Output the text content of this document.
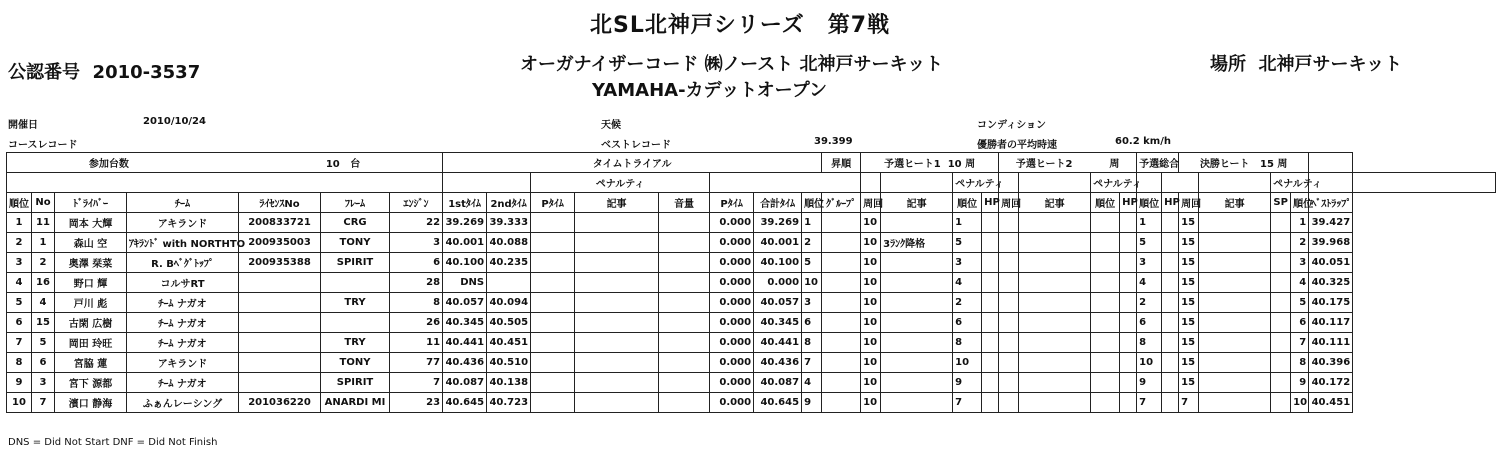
北SL北神戸シリーズ　第7戦
公認番号 2010-3537	オーガナイザーコード ㈱ノースト 北神戸サーキット
YAMAHA-カデットオープン
場所 北神戸サーキット
開催日	2010/10/24
コースレコード
天候
ベストレコード	39.399
コンディション
優勝者の平均時速	60.2 km/h
参加台数 10 台							タイムトライアル								昇順	予選ヒート1 10 周				予選ヒート2 周				予選総合		決勝ヒート 15 周					
									ペナルティ									ペナルティ				ペナルティ						ペナルティ			
順位	No	ﾄﾞﾗｲﾊﾞｰ	ﾁｰﾑ	ﾗｲｾﾝｽNo	ﾌﾚｰﾑ	ｴﾝｼﾞﾝ	1stﾀｲﾑ	2ndﾀｲﾑ	Pﾀｲﾑ	記事	音量	Pﾀｲﾑ	合計ﾀｲﾑ	順位	ｸﾞﾙｰﾌﾟ	周回	記事	順位	HP	周回	記事	順位	HP	順位	HP	周回	記事	SP	順位	ﾍﾞｽﾄﾗｯﾌﾟ	
1	11	岡本 大輝	アキランド	200833721	CRG	22	39.269	39.333				0.000	39.269	1		10		1						1		15			1	39.427	
2	1	森山 空	ｱｷﾗﾝﾄﾞ with NORTHTO	200935003	TONY	3	40.001	40.088				0.000	40.001	2		10	3ﾗﾝｸ降格	5						5		15			2	39.968	
3	2	奥澤 栞菜	R. Bﾍﾞｸﾞﾄｯﾌﾟ	200935388	SPIRIT	6	40.100	40.235				0.000	40.100	5		10		3						3		15			3	40.051	
4	16	野口 輝	コルサRT			28	DNS					0.000	0.000	10		10		4						4		15			4	40.325	
5	4	戸川 彪	ﾁｰﾑ ナガオ		TRY	8	40.057	40.094				0.000	40.057	3		10		2						2		15			5	40.175	
6	15	古閑 広樹	ﾁｰﾑ ナガオ			26	40.345	40.505				0.000	40.345	6		10		6						6		15			6	40.117	
7	5	岡田 玲旺	ﾁｰﾑ ナガオ		TRY	11	40.441	40.451				0.000	40.441	8		10		8						8		15			7	40.111	
8	6	宮脇 蓮	アキランド		TONY	77	40.436	40.510				0.000	40.436	7		10		10						10		15			8	40.396	
9	3	宮下 源都	ﾁｰﾑ ナガオ		SPIRIT	7	40.087	40.138				0.000	40.087	4		10		9						9		15			9	40.172	
10	7	濱口 静海	ふぁんレーシング	201036220	ANARDI MI	23	40.645	40.723				0.000	40.645	9		10		7						7		7			10	40.451	
DNS = Did Not Start DNF = Did Not Finish
